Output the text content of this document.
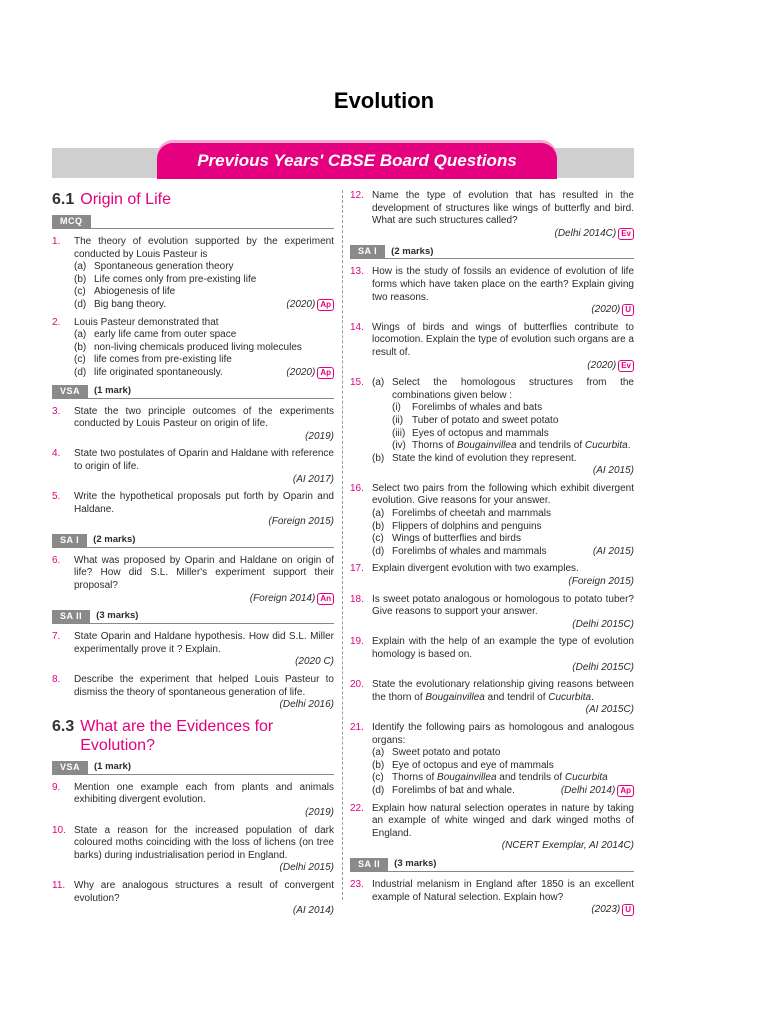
Evolution
Previous Years' CBSE Board Questions
6.1 Origin of Life
MCQ
1.	The theory of evolution supported by the experiment conducted by Louis Pasteur is
(a) Spontaneous generation theory
(b) Life comes only from pre-existing life
(c) Abiogenesis of life
(d) Big bang theory.	(2020) Ap
2.	Louis Pasteur demonstrated that
(a) early life came from outer space
(b) non-living chemicals produced living molecules
(c) life comes from pre-existing life
(d) life originated spontaneously.	(2020) Ap
VSA	(1 mark)
3.	State the two principle outcomes of the experiments conducted by Louis Pasteur on origin of life.
(2019)
4.	State two postulates of Oparin and Haldane with reference to origin of life.
(AI 2017)
5.	Write the hypothetical proposals put forth by Oparin and Haldane.
(Foreign 2015)
SA I	(2 marks)
6.	What was proposed by Oparin and Haldane on origin of life? How did S.L. Miller's experiment support their proposal?
(Foreign 2014) An
SA II	(3 marks)
7.	State Oparin and Haldane hypothesis. How did S.L. Miller experimentally prove it ? Explain.
(2020 C)
8.	Describe the experiment that helped Louis Pasteur to dismiss the theory of spontaneous generation of life.
(Delhi 2016)
6.3 What are the Evidences for Evolution?
VSA	(1 mark)
9.	Mention one example each from plants and animals exhibiting divergent evolution.
(2019)
10. State a reason for the increased population of dark coloured moths coinciding with the loss of lichens (on tree barks) during industrialisation period in England.
(Delhi 2015)
11. Why are analogous structures a result of convergent evolution?
(AI 2014)
12. Name the type of evolution that has resulted in the development of structures like wings of butterfly and bird. What are such structures called?
(Delhi 2014C) Ev
SA I	(2 marks)
13. How is the study of fossils an evidence of evolution of life forms which have taken place on the earth? Explain giving two reasons.
(2020) U
14. Wings of birds and wings of butterflies contribute to locomotion. Explain the type of evolution such organs are a result of.
(2020) Ev
15. (a) Select the homologous structures from the combinations given below :
(i)	Forelimbs of whales and bats
(ii) Tuber of potato and sweet potato
(iii) Eyes of octopus and mammals
(iv) Thorns of Bougainvillea and tendrils of Cucurbita.
(b) State the kind of evolution they represent.
(AI 2015)
16. Select two pairs from the following which exhibit divergent evolution. Give reasons for your answer.
(a) Forelimbs of cheetah and mammals
(b) Flippers of dolphins and penguins
(c) Wings of butterflies and birds
(d) Forelimbs of whales and mammals	(AI 2015)
17. Explain divergent evolution with two examples.
(Foreign 2015)
18. Is sweet potato analogous or homologous to potato tuber? Give reasons to support your answer.
(Delhi 2015C)
19. Explain with the help of an example the type of evolution homology is based on.
(Delhi 2015C)
20. State the evolutionary relationship giving reasons between the thorn of Bougainvillea and tendril of Cucurbita.
(AI 2015C)
21. Identify the following pairs as homologous and analogous organs:
(a) Sweet potato and potato
(b) Eye of octopus and eye of mammals
(c) Thorns of Bougainvillea and tendrils of Cucurbita
(d) Forelimbs of bat and whale.	(Delhi 2014) Ap
22. Explain how natural selection operates in nature by taking an example of white winged and dark winged moths of England.
(NCERT Exemplar, AI 2014C)
SA II	(3 marks)
23. Industrial melanism in England after 1850 is an excellent example of Natural selection. Explain how?
(2023) U
